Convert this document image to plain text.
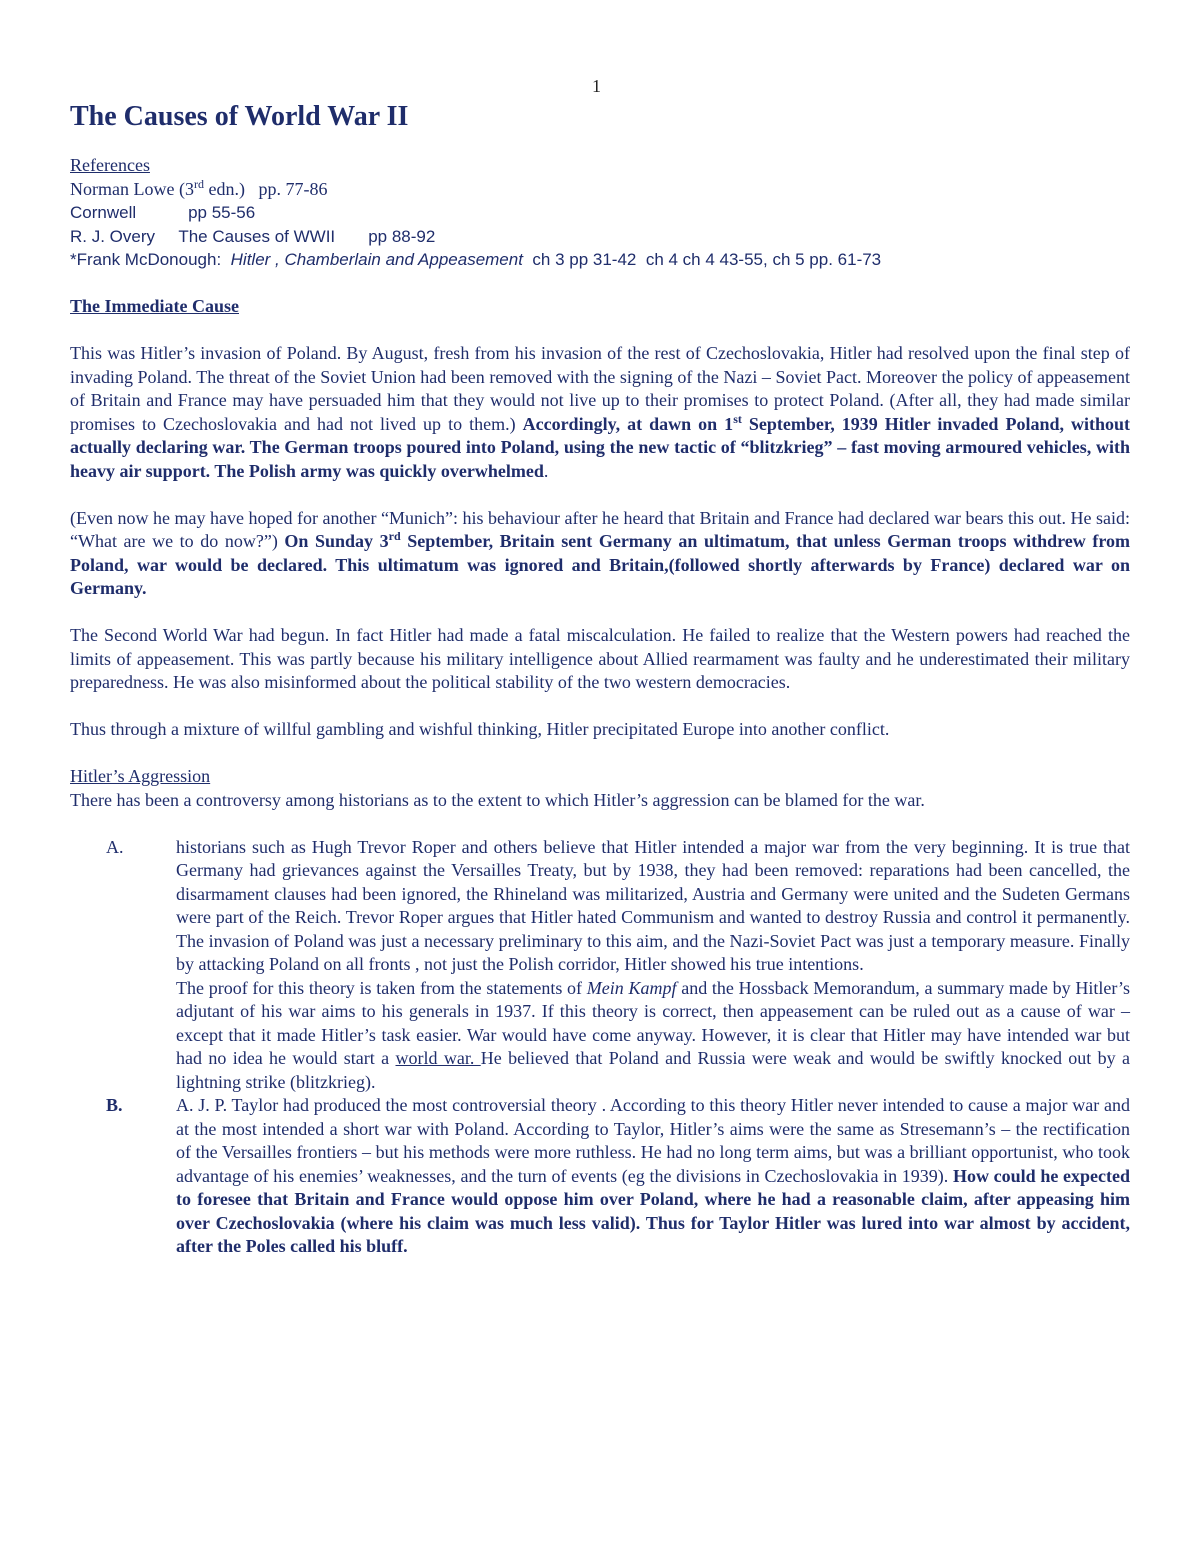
1
The Causes of World War II
References
Norman Lowe (3rd edn.)   pp. 77-86
Cornwell           pp 55-56
R. J. Overy     The Causes of WWII       pp 88-92
*Frank McDonough:  Hitler , Chamberlain and Appeasement  ch 3 pp 31-42  ch 4 ch 4 43-55, ch 5 pp. 61-73
The Immediate Cause

This was Hitler’s invasion of Poland. By August, fresh from his invasion of the rest of Czechoslovakia, Hitler had resolved upon the final step of invading Poland. The threat of the Soviet Union had been removed with the signing of the Nazi – Soviet Pact. Moreover the policy of appeasement of Britain and France may have persuaded him that they would not live up to their promises to protect Poland. (After all, they had made similar promises to Czechoslovakia and had not lived up to them.) Accordingly, at dawn on 1st September, 1939 Hitler invaded Poland, without actually declaring war. The German troops poured into Poland, using the new tactic of “blitzkrieg” – fast moving armoured vehicles, with heavy air support. The Polish army was quickly overwhelmed.

(Even now he may have hoped for another “Munich”: his behaviour after he heard that Britain and France had declared war bears this out. He said: “What are we to do now?”) On Sunday 3rd September, Britain sent Germany an ultimatum, that unless German troops withdrew from Poland, war would be declared. This ultimatum was ignored and Britain,(followed shortly afterwards by France) declared war on Germany.

The Second World War had begun. In fact Hitler had made a fatal miscalculation. He failed to realize that the Western powers had reached the limits of appeasement. This was partly because his military intelligence about Allied rearmament was faulty and he underestimated their military preparedness. He was also misinformed about the political stability of the two western democracies.

Thus through a mixture of willful gambling and wishful thinking, Hitler precipitated Europe into another conflict.

Hitler’s Aggression

There has been a controversy among historians as to the extent to which Hitler’s aggression can be blamed for the war.

A.	historians such as Hugh Trevor Roper and others believe that Hitler intended a major war from the very beginning. It is true that Germany had grievances against the Versailles Treaty, but by 1938, they had been removed: reparations had been cancelled, the disarmament clauses had been ignored, the Rhineland was militarized, Austria and Germany were united and the Sudeten Germans were part of the Reich. Trevor Roper argues that Hitler hated Communism and wanted to destroy Russia and control it permanently. The invasion of Poland was just a necessary preliminary to this aim, and the Nazi-Soviet Pact was just a temporary measure. Finally by attacking Poland on all fronts , not just the Polish corridor, Hitler showed his true intentions.

The proof for this theory is taken from the statements of Mein Kampf and the Hossback Memorandum, a summary made by Hitler’s adjutant of his war aims to his generals in 1937. If this theory is correct, then appeasement can be ruled out as a cause of war – except that it made Hitler’s task easier. War would have come anyway. However, it is clear that Hitler may have intended war but had no idea he would start a world war. He believed that Poland and Russia were weak and would be swiftly knocked out by a lightning strike (blitzkrieg).

B.	A. J. P. Taylor had produced the most controversial theory . According to this theory Hitler never intended to cause a major war and at the most intended a short war with Poland. According to Taylor, Hitler’s aims were the same as Stresemann’s – the rectification of the Versailles frontiers – but his methods were more ruthless. He had no long term aims, but was a brilliant opportunist, who took advantage of his enemies’ weaknesses, and the turn of events (eg the divisions in Czechoslovakia in 1939). How could he expected to foresee that Britain and France would oppose him over Poland, where he had a reasonable claim, after appeasing him over Czechoslovakia (where his claim was much less valid). Thus for Taylor Hitler was lured into war almost by accident, after the Poles called his bluff.
